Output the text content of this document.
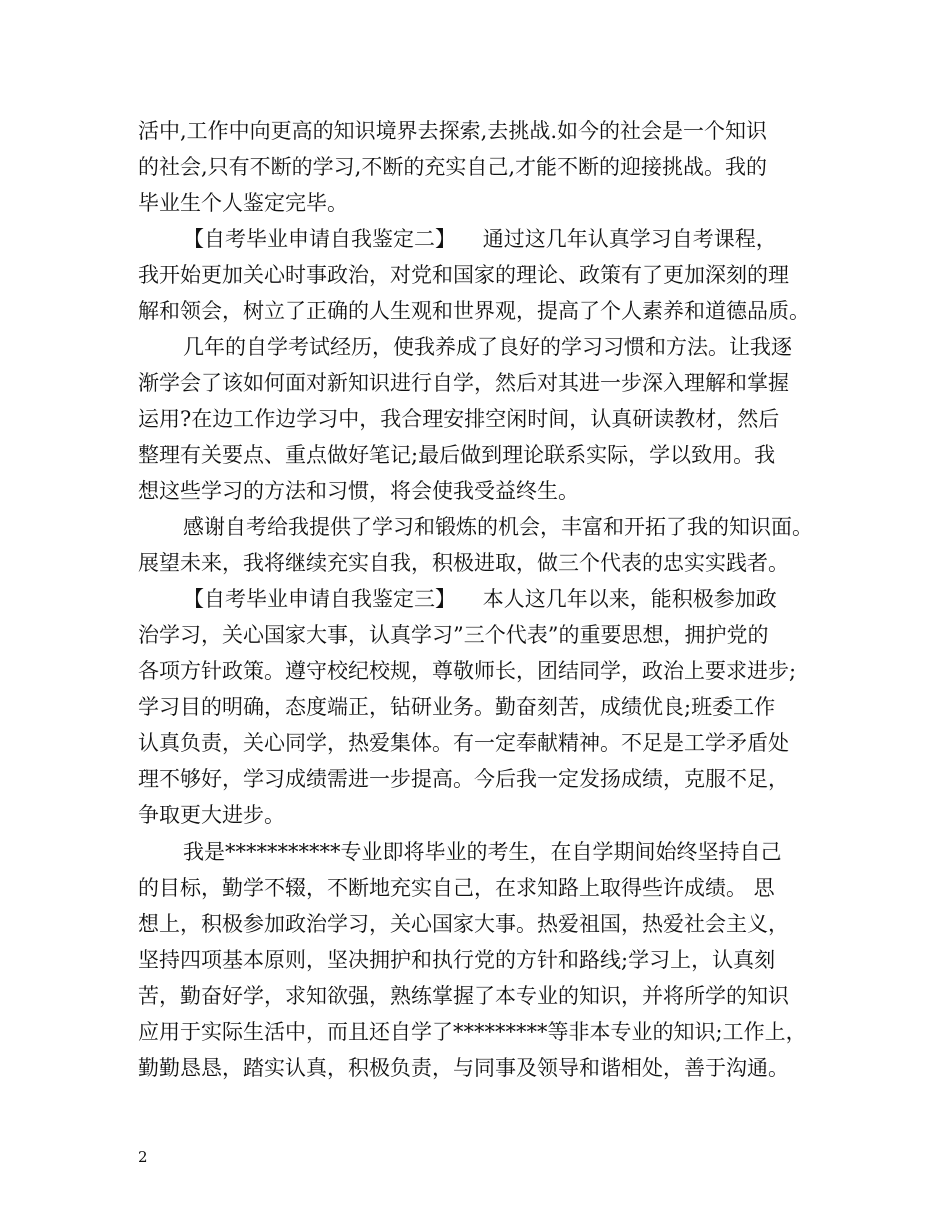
活中,工作中向更高的知识境界去探索,去挑战.如今的社会是一个知识
的社会,只有不断的学习,不断的充实自己,才能不断的迎接挑战。我的
毕业生个人鉴定完毕。
【自考毕业申请自我鉴定二】    通过这几年认真学习自考课程，
我开始更加关心时事政治，对党和国家的理论、政策有了更加深刻的理
解和领会，树立了正确的人生观和世界观，提高了个人素养和道德品质。
几年的自学考试经历，使我养成了良好的学习习惯和方法。让我逐
渐学会了该如何面对新知识进行自学，然后对其进一步深入理解和掌握
运用?在边工作边学习中，我合理安排空闲时间，认真研读教材，然后
整理有关要点、重点做好笔记;最后做到理论联系实际，学以致用。我
想这些学习的方法和习惯，将会使我受益终生。
感谢自考给我提供了学习和锻炼的机会，丰富和开拓了我的知识面。
展望未来，我将继续充实自我，积极进取，做三个代表的忠实实践者。
【自考毕业申请自我鉴定三】    本人这几年以来，能积极参加政
治学习，关心国家大事，认真学习”三个代表”的重要思想，拥护党的
各项方针政策。遵守校纪校规，尊敬师长，团结同学，政治上要求进步;
学习目的明确，态度端正，钻研业务。勤奋刻苦，成绩优良;班委工作
认真负责，关心同学，热爱集体。有一定奉献精神。不足是工学矛盾处
理不够好，学习成绩需进一步提高。今后我一定发扬成绩，克服不足，
争取更大进步。
我是***********专业即将毕业的考生，在自学期间始终坚持自己
的目标，勤学不辍，不断地充实自己，在求知路上取得些许成绩。 思
想上，积极参加政治学习，关心国家大事。热爱祖国，热爱社会主义，
坚持四项基本原则，坚决拥护和执行党的方针和路线;学习上，认真刻
苦，勤奋好学，求知欲强，熟练掌握了本专业的知识，并将所学的知识
应用于实际生活中，而且还自学了*********等非本专业的知识;工作上，
勤勤恳恳，踏实认真，积极负责，与同事及领导和谐相处，善于沟通。
2
